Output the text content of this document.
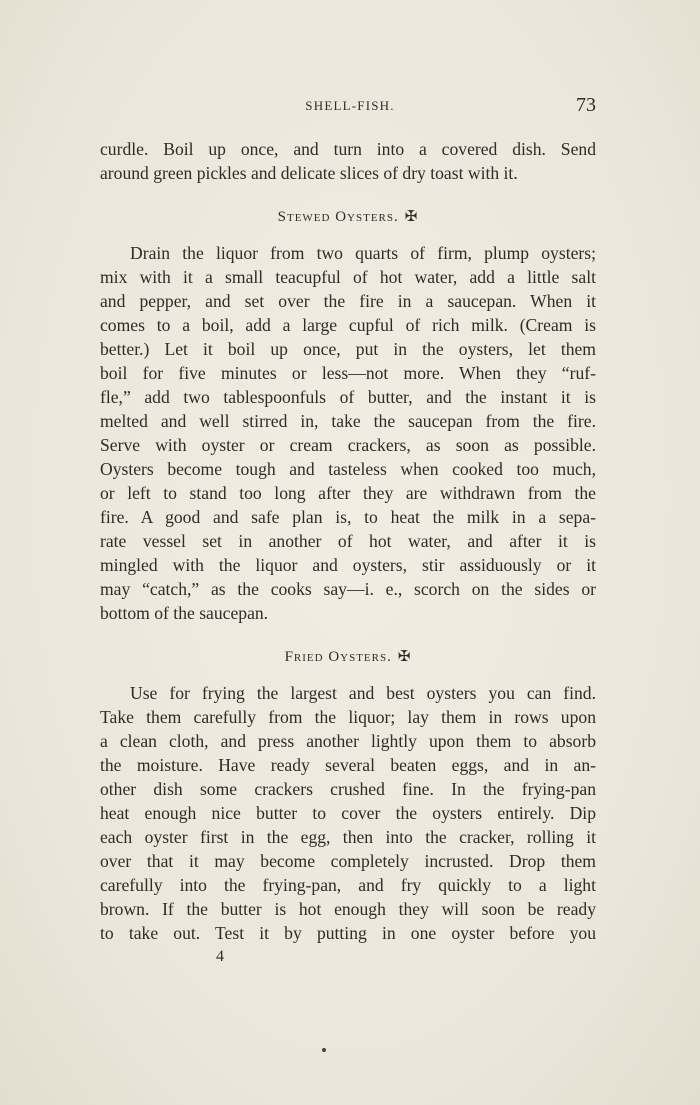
SHELL-FISH.	73
curdle. Boil up once, and turn into a covered dish. Send
around green pickles and delicate slices of dry toast with it.
Stewed Oysters. ✠
Drain the liquor from two quarts of firm, plump oysters;
mix with it a small teacupful of hot water, add a little salt
and pepper, and set over the fire in a saucepan. When it
comes to a boil, add a large cupful of rich milk. (Cream is
better.) Let it boil up once, put in the oysters, let them
boil for five minutes or less—not more. When they “ruf-
fle,” add two tablespoonfuls of butter, and the instant it is
melted and well stirred in, take the saucepan from the fire.
Serve with oyster or cream crackers, as soon as possible.
Oysters become tough and tasteless when cooked too much,
or left to stand too long after they are withdrawn from the
fire. A good and safe plan is, to heat the milk in a sepa-
rate vessel set in another of hot water, and after it is
mingled with the liquor and oysters, stir assiduously or it
may “catch,” as the cooks say—i. e., scorch on the sides or
bottom of the saucepan.
Fried Oysters. ✠
Use for frying the largest and best oysters you can find.
Take them carefully from the liquor; lay them in rows upon
a clean cloth, and press another lightly upon them to absorb
the moisture. Have ready several beaten eggs, and in an-
other dish some crackers crushed fine. In the frying-pan
heat enough nice butter to cover the oysters entirely. Dip
each oyster first in the egg, then into the cracker, rolling it
over that it may become completely incrusted. Drop them
carefully into the frying-pan, and fry quickly to a light
brown. If the butter is hot enough they will soon be ready
to take out. Test it by putting in one oyster before you
4
